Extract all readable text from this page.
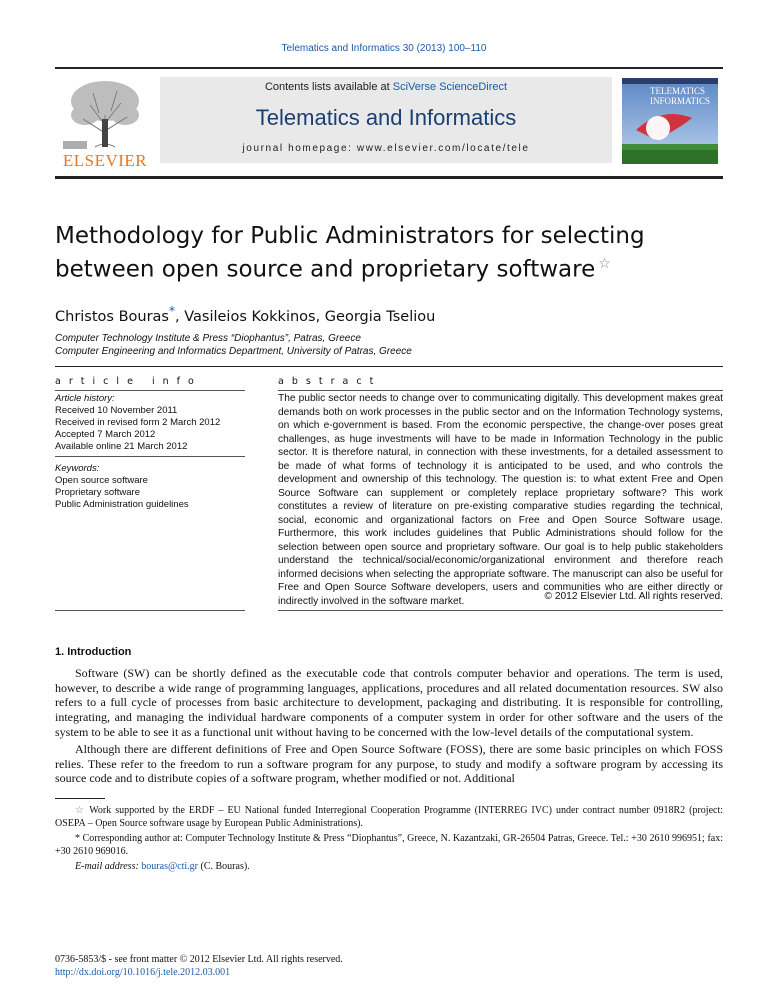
Telematics and Informatics 30 (2013) 100–110
ELSEVIER
Contents lists available at SciVerse ScienceDirect
Telematics and Informatics
journal homepage: www.elsevier.com/locate/tele
TELEMATICS
INFORMATICS
Methodology for Public Administrators for selecting between open source and proprietary software ☆
Christos Bouras*, Vasileios Kokkinos, Georgia Tseliou
Computer Technology Institute & Press “Diophantus”, Patras, Greece
Computer Engineering and Informatics Department, University of Patras, Greece
a r t i c l e   i n f o
Article history:
Received 10 November 2011
Received in revised form 2 March 2012
Accepted 7 March 2012
Available online 21 March 2012
Keywords:
Open source software
Proprietary software
Public Administration guidelines
a b s t r a c t

The public sector needs to change over to communicating digitally. This development makes great demands both on work processes in the public sector and on the Information Technology systems, on which e-government is based. From the economic perspective, the change-over poses great challenges, as huge investments will have to be made in Information Technology in the public sector. It is therefore natural, in connection with these investments, for a detailed assessment to be made of what forms of technology it is anticipated to be used, and who controls the development and ownership of this technology. The question is: to what extent Free and Open Source Software can supplement or completely replace proprietary software? This work constitutes a review of literature on pre-existing comparative studies regarding the technical, social, economic and organizational factors on Free and Open Source Software usage. Furthermore, this work includes guidelines that Public Administrations should follow for the selection between open source and proprietary software. Our goal is to help public stakeholders understand the technical/social/economic/organizational environment and therefore reach informed decisions when selecting the appropriate software. The manuscript can also be useful for Free and Open Source Software developers, users and communities who are either directly or indirectly involved in the software market.	© 2012 Elsevier Ltd. All rights reserved.
1. Introduction

Software (SW) can be shortly defined as the executable code that controls computer behavior and operations. The term is used, however, to describe a wide range of programming languages, applications, procedures and all related documentation resources. SW also refers to a full cycle of processes from basic architecture to development, packaging and distributing. It is responsible for controlling, integrating, and managing the individual hardware components of a computer system in order for other software and the users of the system to be able to see it as a functional unit without having to be concerned with the low-level details of the computational system.

Although there are different definitions of Free and Open Source Software (FOSS), there are some basic principles on which FOSS relies. These refer to the freedom to run a software program for any purpose, to study and modify a software program by accessing its source code and to distribute copies of a software program, whether modified or not. Additional

☆ Work supported by the ERDF – EU National funded Interregional Cooperation Programme (INTERREG IVC) under contract number 0918R2 (project: OSEPA – Open Source software usage by European Public Administrations).

* Corresponding author at: Computer Technology Institute & Press “Diophantus”, Greece, N. Kazantzaki, GR-26504 Patras, Greece. Tel.: +30 2610 996951; fax: +30 2610 969016.

E-mail address: bouras@cti.gr (C. Bouras).
0736-5853/$ - see front matter © 2012 Elsevier Ltd. All rights reserved.
http://dx.doi.org/10.1016/j.tele.2012.03.001
